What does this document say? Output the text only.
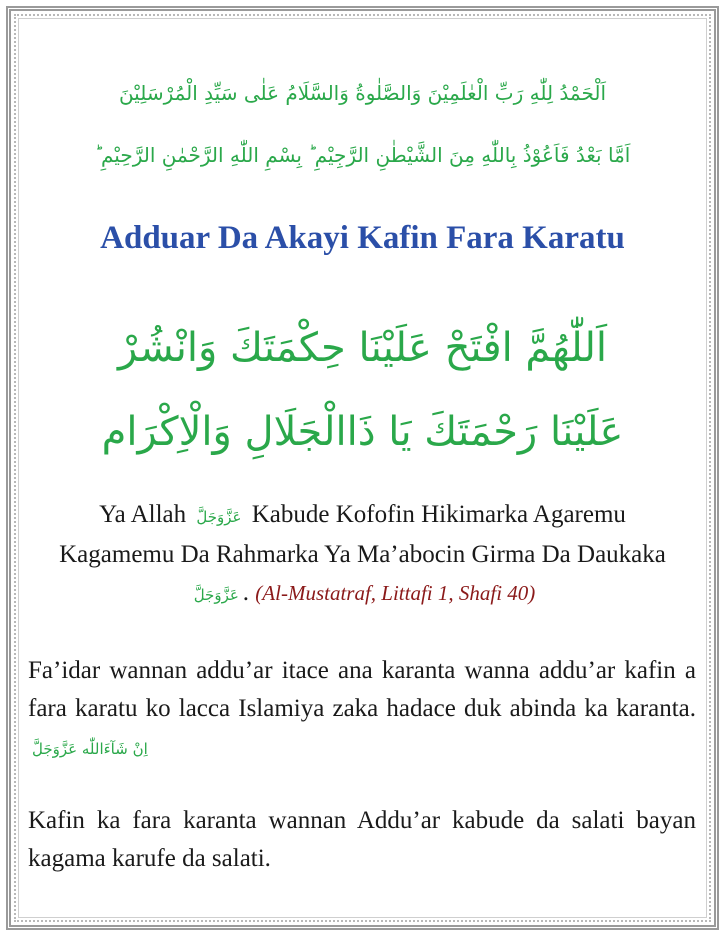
اَلْحَمْدُ لِلّٰهِ رَبِّ الْعٰلَمِيْنَ وَالصَّلٰوةُ وَالسَّلَامُ عَلٰی سَيِّدِ الْمُرْسَلِيْنَ
اَمَّا بَعْدُ فَاَعُوْذُ بِاللّٰهِ مِنَ الشَّيْطٰنِ الرَّجِيْمِ ؕ بِسْمِ اللّٰهِ الرَّحْمٰنِ الرَّحِيْمِ ؕ
Adduar Da Akayi Kafin Fara Karatu
اَللّٰهُمَّ افْتَحْ عَلَيْنَا حِكْمَتَكَ وَانْشُرْ
عَلَيْنَا رَحْمَتَكَ يَا ذَاالْجَلَالِ وَالْاِكْرَام
Ya Allah عَزَّوَجَلَّ Kabude Kofofin Hikimarka Agaremu Kagamemu Da Rahmarka Ya Ma’abocin Girma Da Daukaka عَزَّوَجَلَّ . (Al-Mustatraf, Littafi 1, Shafi 40)
Fa’idar wannan addu’ar itace ana karanta wanna addu’ar kafin a fara karatu ko lacca Islamiya zaka hadace duk abinda ka karanta. اِنْ شَآءَاللّٰه عَزَّوَجَلَّ
Kafin ka fara karanta wannan Addu’ar kabude da salati bayan kagama karufe da salati.
